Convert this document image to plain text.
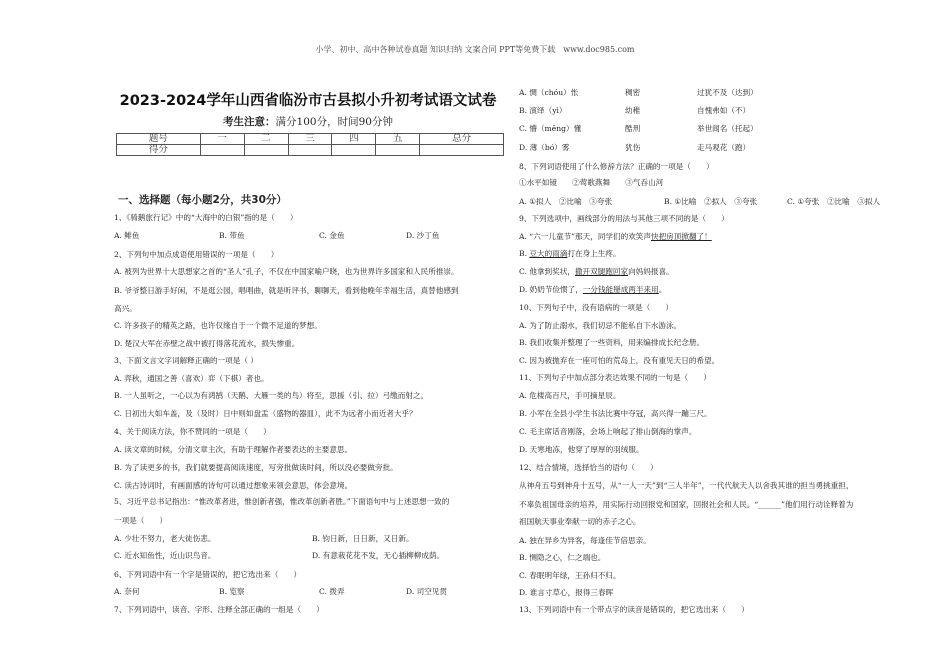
小学、初中、高中各种试卷真题 知识归纳 文案合同 PPT等免费下载　www.doc985.com
2023-2024学年山西省临汾市古县拟小升初考试语文试卷
考生注意：满分100分，时间90分钟
题号	一	二	三	四	五	总分
得分						
一、选择题（每小题2分，共30分）
1、《骑鹅旅行记》中的“大海中的白银”指的是（　　）
A. 鲱鱼	B. 带鱼	C. 金鱼	D. 沙丁鱼
2、下列句中加点成语使用错误的一项是（　　）
A. 被列为世界十大思想家之首的“圣人”孔子，不仅在中国家喻户晓，也为世界许多国家和人民所推崇。
B. 爷爷整日游手好闲，不是逛公园，唱唱曲，就是听评书，聊聊天，看到他晚年幸福生活，真替他感到
高兴。
C. 许多孩子的精英之路，也许仅缘自于一个微不足道的梦想。
D. 楚汉大军在赤壁之战中被打得落花流水，损失惨重。
3、下面文言文字词解释正确的一项是（ ）
A. 弈秋，通国之善（喜欢）弈（下棋）者也。
B. 一人虽听之，一心以为有鸿鹄（天鹅、大雁一类的鸟）将至，思援（引、拉）弓缴而射之。
C. 日初出大如车盖，及（及时）日中则如盘盂（盛物的器皿），此不为远者小而近者大乎？
4、关于阅读方法，你不赞同的一项是（　　）
A. 读文章的时候，分清文章主次，有助于理解作者要表达的主要意思。
B. 为了读更多的书，我们就要提高阅读速度，写旁批做读时间，所以没必要做旁批。
C. 读古诗词时，有画面感的诗句可以通过想象来领会意思，体会意境。
5、习近平总书记指出：“惟改革者进，惟创新者强，惟改革创新者胜。”下面语句中与上述思想一致的
一项是（　　）
A. 少壮不努力，老大徒伤悲。	B. 钧日新，日日新，又日新。
C. 近水知鱼性，近山识鸟音。	D. 有意栽花花不发，无心插柳柳成荫。
6、下列词语中有一个字是错误的，把它选出来（　　）
A. 奈何	B. 览察	C. 拨弄	D. 司空见贯
7、下列词语中，读音、字形、注释全部正确的一组是（　　）
A. 惆（chóu）怅	稠密	过犹不及（达到）
B. 演绎（yì）	幼稚	自愧弗如（不）
C. 懵（měng）懂	酷刑	举世闻名（托起）
D. 薄（bó）雾	犹伤	走马观花（跑）
8、下列词语使用了什么修辞方法？正确的一项是（　　）
①水平如镜　　②莺歌燕舞　　③气吞山河
A. ①拟人　②比喻　③夸张	B. ①比喻　②拟人　③夸张	C. ①夸张　②比喻　③拟人
9、下列选项中，画线部分的用法与其他三项不同的是（　　）
A. “六一儿童节”那天，同学们的欢笑声快把房顶掀翻了！
B. 豆大的雨滴打在身上生疼。
C. 他拿到奖状，撒开双腿跑回家向妈妈报喜。
D. 奶奶节俭惯了，一分钱能掰成两半来用。
10、下列句子中，没有语病的一项是（　　）
A. 为了防止溺水，我们切忌不能私自下水游泳。
B. 我们收集并整理了一些资料，用来编排成长纪念册。
C. 因为被抛弃在一座可怕的荒岛上，没有重见天日的希望。
11、下列句子中加点部分表达效果不同的一句是（　　）
A. 危楼高百尺，手可摘星辰。
B. 小军在全县小学生书法比赛中夺冠，高兴得一蹦三尺。
C. 毛主席话音刚落，会场上响起了排山倒海的掌声。
D. 天寒地冻，他穿了厚厚的羽绒服。
12、结合情境，选择恰当的语句（　　）
从神舟五号到神舟十五号，从“一人一天”到“三人半年”，一代代航天人以舍我其谁的担当勇挑重担，
不辜负祖国母亲的培养，用实际行动回报党和国家，回报社会和人民。“______”他们用行动诠释着为
祖国航天事业奉献一切的赤子之心。
A. 独在异乡为异客，每逢佳节倍思亲。
B. 恻隐之心，仁之端也。
C. 春眠明年绿，王孙归不归。
D. 谁言寸草心，报得三春晖
13、下列词语中有一个带点字的读音是错误的，把它选出来（　　）
